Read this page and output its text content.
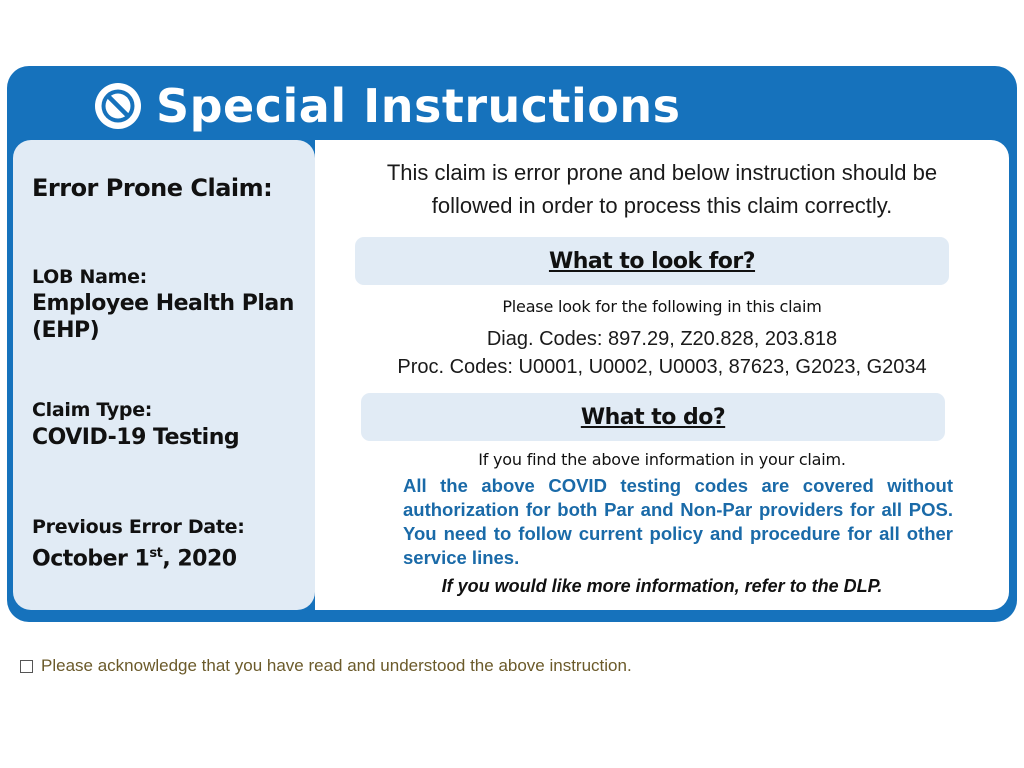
Special Instructions
Error Prone Claim:
LOB Name:
Employee Health Plan
(EHP)
Claim Type:
COVID-19 Testing
Previous Error Date:
October 1st, 2020
This claim is error prone and below instruction should be
followed in order to process this claim correctly.
What to look for?
Please look for the following in this claim
Diag. Codes: 897.29, Z20.828, 203.818
Proc. Codes: U0001, U0002, U0003, 87623, G2023, G2034
What to do?
If you find the above information in your claim.
All the above COVID testing codes are covered without authorization for both Par and Non-Par providers for all POS. You need to follow current policy and procedure for all other service lines.
If you would like more information, refer to the DLP.
Please acknowledge that you have read and understood the above instruction.
